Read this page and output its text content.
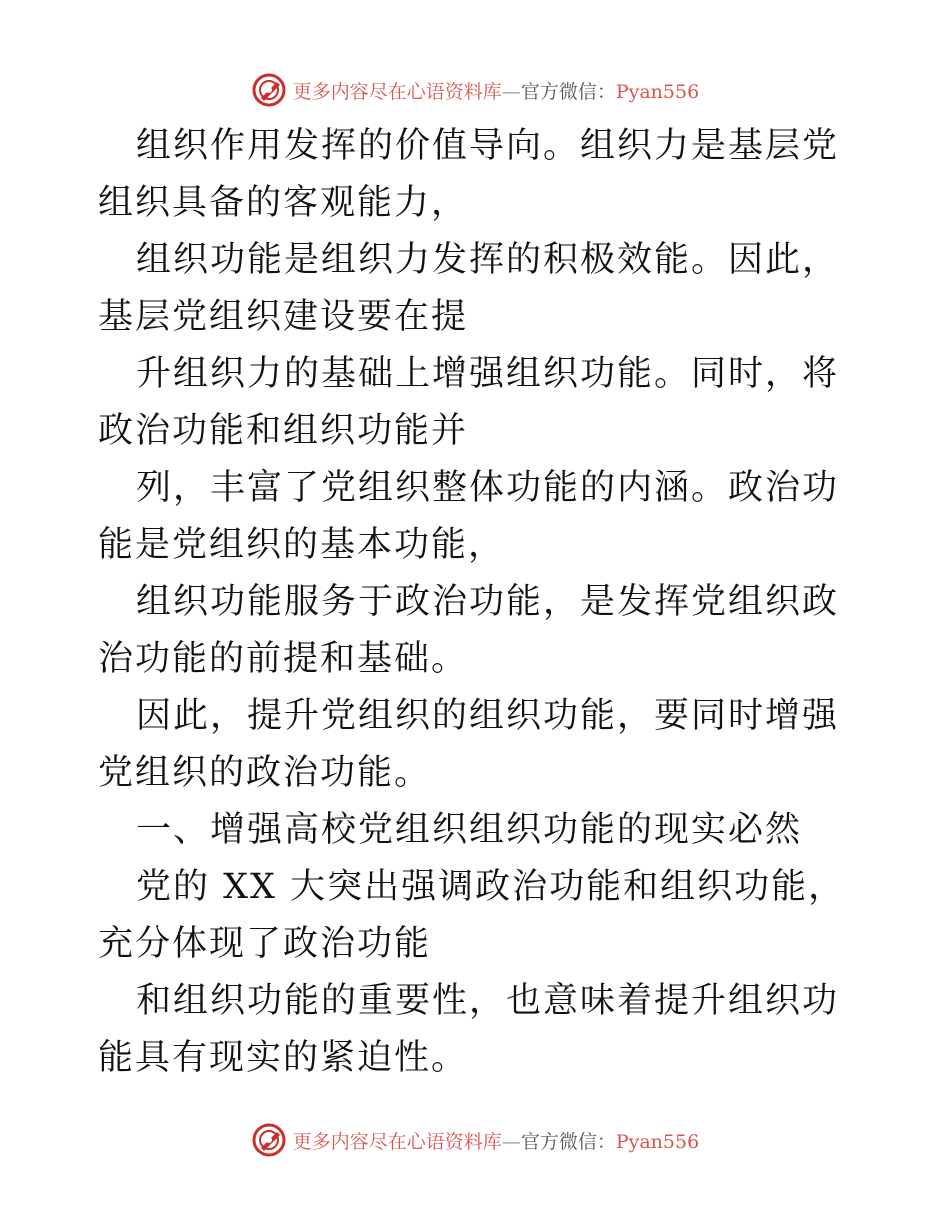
更多内容尽在心语资料库—官方微信：Pyan556

组织作用发挥的价值导向。组织力是基层党组织具备的客观能力，

组织功能是组织力发挥的积极效能。因此，基层党组织建设要在提

升组织力的基础上增强组织功能。同时，将政治功能和组织功能并

列，丰富了党组织整体功能的内涵。政治功能是党组织的基本功能，

组织功能服务于政治功能，是发挥党组织政治功能的前提和基础。

因此，提升党组织的组织功能，要同时增强党组织的政治功能。

一、增强高校党组织组织功能的现实必然

党的 XX 大突出强调政治功能和组织功能，充分体现了政治功能

和组织功能的重要性，也意味着提升组织功能具有现实的紧迫性。

更多内容尽在心语资料库—官方微信：Pyan556
